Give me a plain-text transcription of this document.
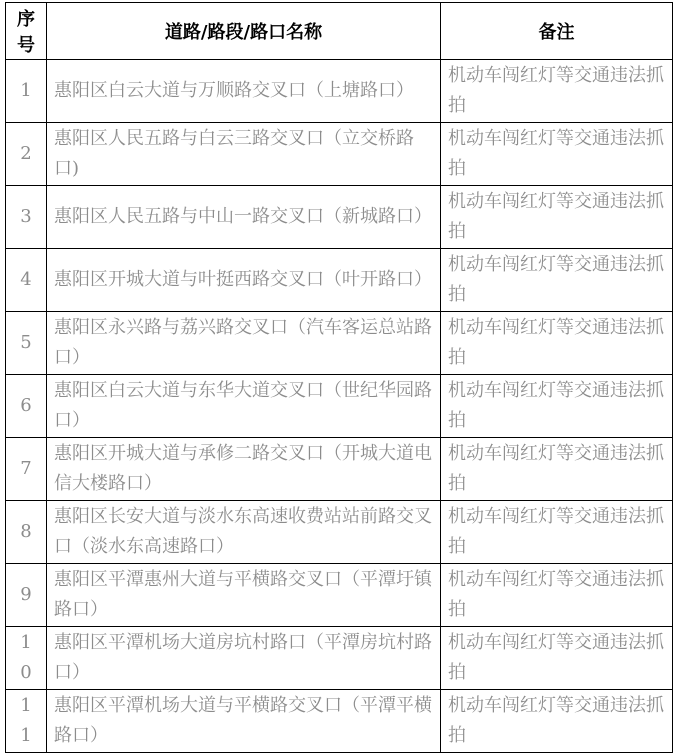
序号	道路/路段/路口名称	备注
1	惠阳区白云大道与万顺路交叉口（上塘路口）	机动车闯红灯等交通违法抓拍
2	惠阳区人民五路与白云三路交叉口（立交桥路口)	机动车闯红灯等交通违法抓拍
3	惠阳区人民五路与中山一路交叉口（新城路口）	机动车闯红灯等交通违法抓拍
4	惠阳区开城大道与叶挺西路交叉口（叶开路口）	机动车闯红灯等交通违法抓拍
5	惠阳区永兴路与荔兴路交叉口（汽车客运总站路口）	机动车闯红灯等交通违法抓拍
6	惠阳区白云大道与东华大道交叉口（世纪华园路口）	机动车闯红灯等交通违法抓拍
7	惠阳区开城大道与承修二路交叉口（开城大道电信大楼路口）	机动车闯红灯等交通违法抓拍
8	惠阳区长安大道与淡水东高速收费站站前路交叉口（淡水东高速路口）	机动车闯红灯等交通违法抓拍
9	惠阳区平潭惠州大道与平横路交叉口（平潭圩镇路口）	机动车闯红灯等交通违法抓拍
10	惠阳区平潭机场大道房坑村路口（平潭房坑村路口）	机动车闯红灯等交通违法抓拍
11	惠阳区平潭机场大道与平横路交叉口（平潭平横路口）	机动车闯红灯等交通违法抓拍
